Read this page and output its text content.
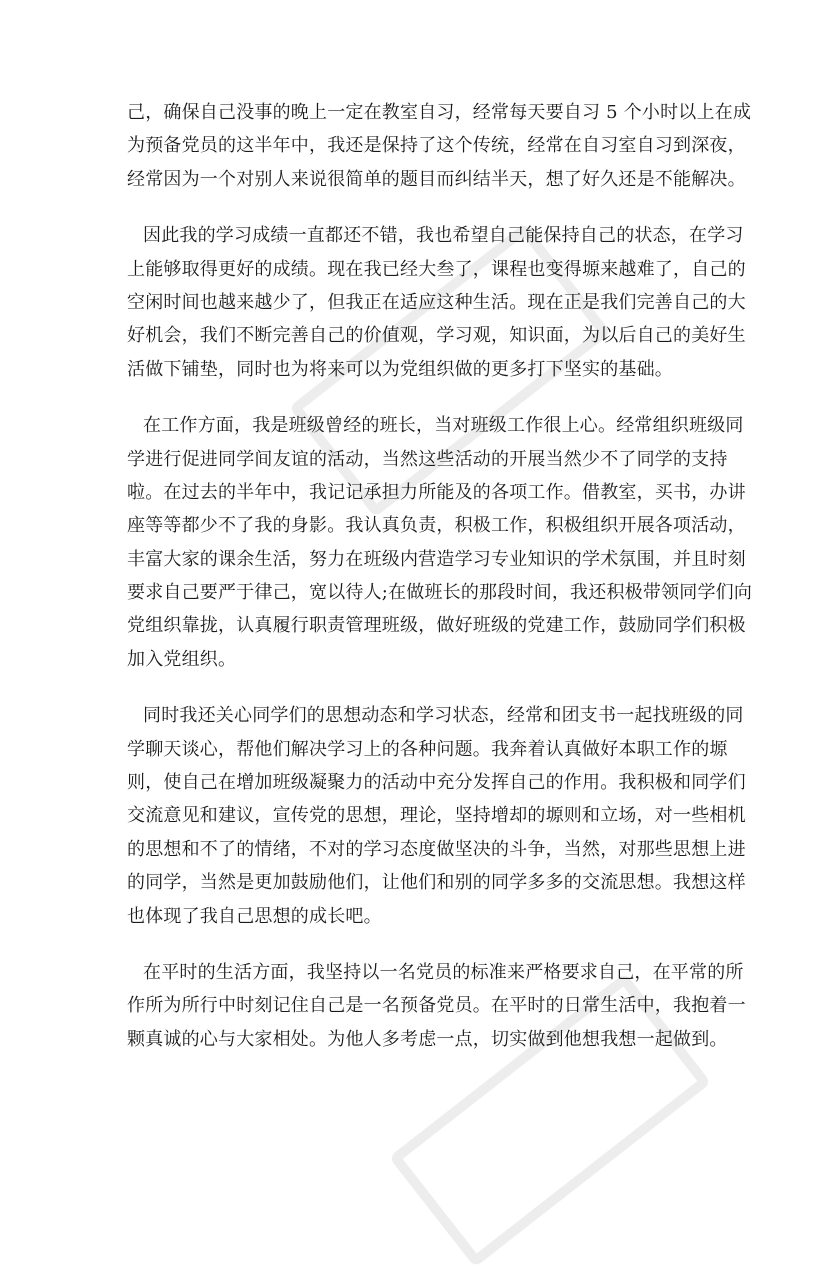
己，确保自己没事的晚上一定在教室自习，经常每天要自习 5 个小时以上在成
为预备党员的这半年中，我还是保持了这个传统，经常在自习室自习到深夜，
经常因为一个对别人来说很简单的题目而纠结半天，想了好久还是不能解决。
因此我的学习成绩一直都还不错，我也希望自己能保持自己的状态，在学习
上能够取得更好的成绩。现在我已经大叁了，课程也变得塬来越难了，自己的
空闲时间也越来越少了，但我正在适应这种生活。现在正是我们完善自己的大
好机会，我们不断完善自己的价值观，学习观，知识面，为以后自己的美好生
活做下铺垫，同时也为将来可以为党组织做的更多打下坚实的基础。
在工作方面，我是班级曾经的班长，当对班级工作很上心。经常组织班级同
学进行促进同学间友谊的活动，当然这些活动的开展当然少不了同学的支持
啦。在过去的半年中，我记记承担力所能及的各项工作。借教室，买书，办讲
座等等都少不了我的身影。我认真负责，积极工作，积极组织开展各项活动，
丰富大家的课余生活，努力在班级内营造学习专业知识的学术氛围，并且时刻
要求自己要严于律己，宽以待人;在做班长的那段时间，我还积极带领同学们向
党组织靠拢，认真履行职责管理班级，做好班级的党建工作，鼓励同学们积极
加入党组织。
同时我还关心同学们的思想动态和学习状态，经常和团支书一起找班级的同
学聊天谈心，帮他们解决学习上的各种问题。我奔着认真做好本职工作的塬
则，使自己在增加班级凝聚力的活动中充分发挥自己的作用。我积极和同学们
交流意见和建议，宣传党的思想，理论，坚持增却的塬则和立场，对一些相机
的思想和不了的情绪，不对的学习态度做坚决的斗争，当然，对那些思想上进
的同学，当然是更加鼓励他们，让他们和别的同学多多的交流思想。我想这样
也体现了我自己思想的成长吧。
在平时的生活方面，我坚持以一名党员的标准来严格要求自己，在平常的所
作所为所行中时刻记住自己是一名预备党员。在平时的日常生活中，我抱着一
颗真诚的心与大家相处。为他人多考虑一点，切实做到他想我想一起做到。
